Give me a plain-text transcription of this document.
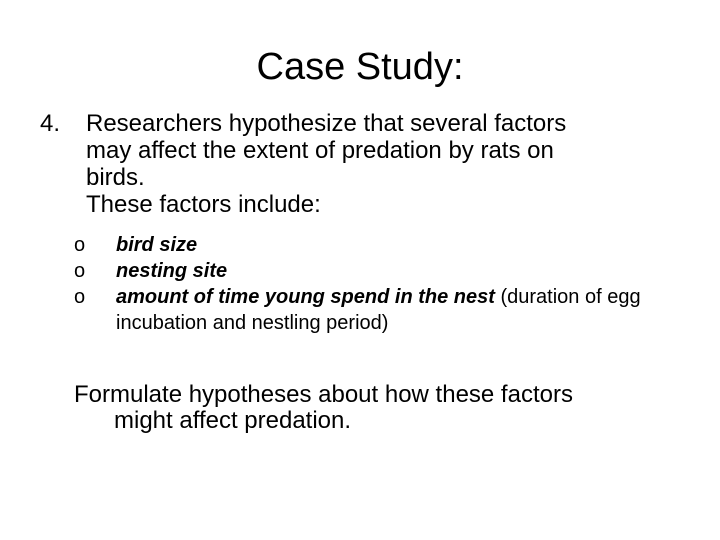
Case Study:
4. Researchers hypothesize that several factors
may affect the extent of predation by rats on
birds.
These factors include:
o bird size
o nesting site
o amount of time young spend in the nest (duration of egg incubation and nestling period)
Formulate hypotheses about how these factors
might affect predation.
